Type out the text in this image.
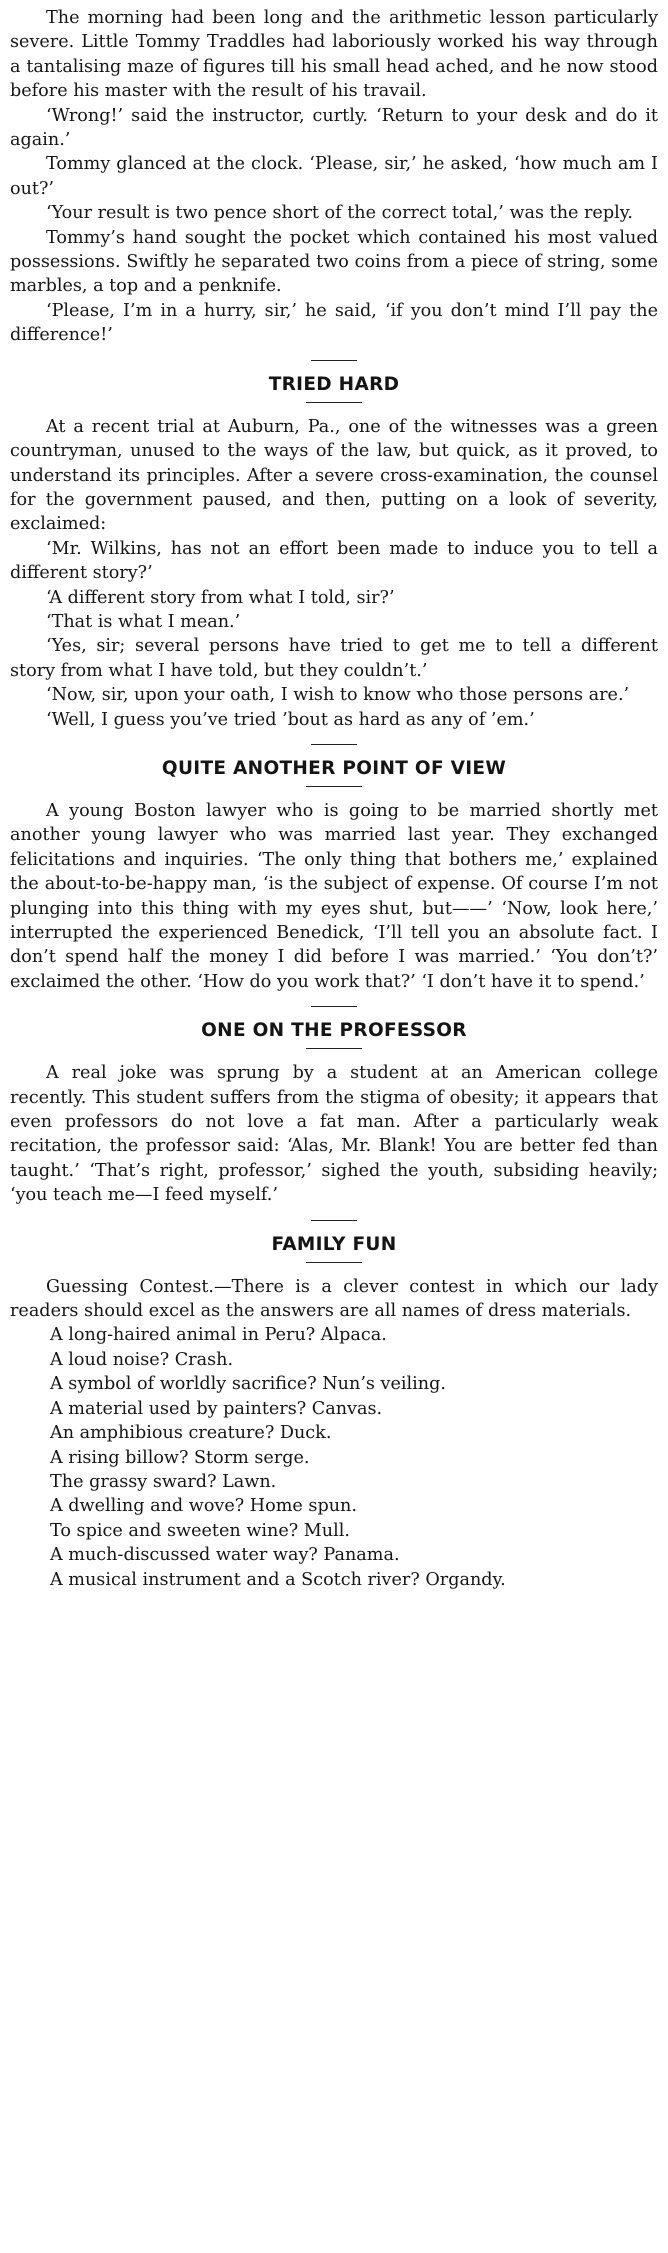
The morning had been long and the arithmetic lesson particularly severe. Little Tommy Traddles had laboriously worked his way through a tantalising maze of figures till his small head ached, and he now stood before his master with the result of his travail.

‘Wrong!’ said the instructor, curtly. ‘Return to your desk and do it again.’

Tommy glanced at the clock. ‘Please, sir,’ he asked, ‘how much am I out?’

‘Your result is two pence short of the correct total,’ was the reply.

Tommy’s hand sought the pocket which contained his most valued possessions. Swiftly he separated two coins from a piece of string, some marbles, a top and a penknife.

‘Please, I’m in a hurry, sir,’ he said, ‘if you don’t mind I’ll pay the difference!’

TRIED HARD

At a recent trial at Auburn, Pa., one of the witnesses was a green countryman, unused to the ways of the law, but quick, as it proved, to understand its principles. After a severe cross-examination, the counsel for the government paused, and then, putting on a look of severity, exclaimed:

‘Mr. Wilkins, has not an effort been made to induce you to tell a different story?’

‘A different story from what I told, sir?’

‘That is what I mean.’

‘Yes, sir; several persons have tried to get me to tell a different story from what I have told, but they couldn’t.’

‘Now, sir, upon your oath, I wish to know who those persons are.’

‘Well, I guess you’ve tried ’bout as hard as any of ’em.’

QUITE ANOTHER POINT OF VIEW

A young Boston lawyer who is going to be married shortly met another young lawyer who was married last year. They exchanged felicitations and inquiries. ‘The only thing that bothers me,’ explained the about-to-be-happy man, ‘is the subject of expense. Of course I’m not plunging into this thing with my eyes shut, but——’ ‘Now, look here,’ interrupted the experienced Benedick, ‘I’ll tell you an absolute fact. I don’t spend half the money I did before I was married.’ ‘You don’t?’ exclaimed the other. ‘How do you work that?’ ‘I don’t have it to spend.’

ONE ON THE PROFESSOR

A real joke was sprung by a student at an American college recently. This student suffers from the stigma of obesity; it appears that even professors do not love a fat man. After a particularly weak recitation, the professor said: ‘Alas, Mr. Blank! You are better fed than taught.’ ‘That’s right, professor,’ sighed the youth, subsiding heavily; ‘you teach me—I feed myself.’

FAMILY FUN

Guessing Contest.—There is a clever contest in which our lady readers should excel as the answers are all names of dress materials.

A long-haired animal in Peru? Alpaca.

A loud noise? Crash.

A symbol of worldly sacrifice? Nun’s veiling.

A material used by painters? Canvas.

An amphibious creature? Duck.

A rising billow? Storm serge.

The grassy sward? Lawn.

A dwelling and wove? Home spun.

To spice and sweeten wine? Mull.

A much-discussed water way? Panama.

A musical instrument and a Scotch river? Organdy.
